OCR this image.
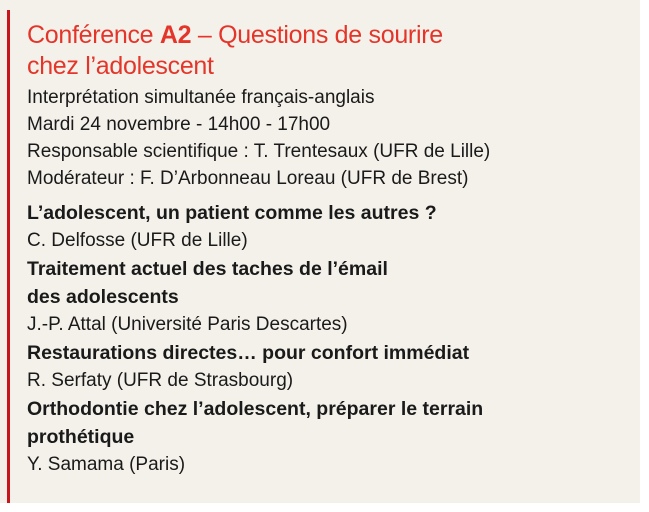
Conférence A2 – Questions de sourire
chez l’adolescent
Interprétation simultanée français-anglais
Mardi 24 novembre - 14h00 - 17h00
Responsable scientifique : T. Trentesaux (UFR de Lille)
Modérateur : F. D’Arbonneau Loreau (UFR de Brest)
L’adolescent, un patient comme les autres ?
C. Delfosse (UFR de Lille)
Traitement actuel des taches de l’émail
des adolescents
J.-P. Attal (Université Paris Descartes)
Restaurations directes… pour confort immédiat
R. Serfaty (UFR de Strasbourg)
Orthodontie chez l’adolescent, préparer le terrain
prothétique
Y. Samama (Paris)
